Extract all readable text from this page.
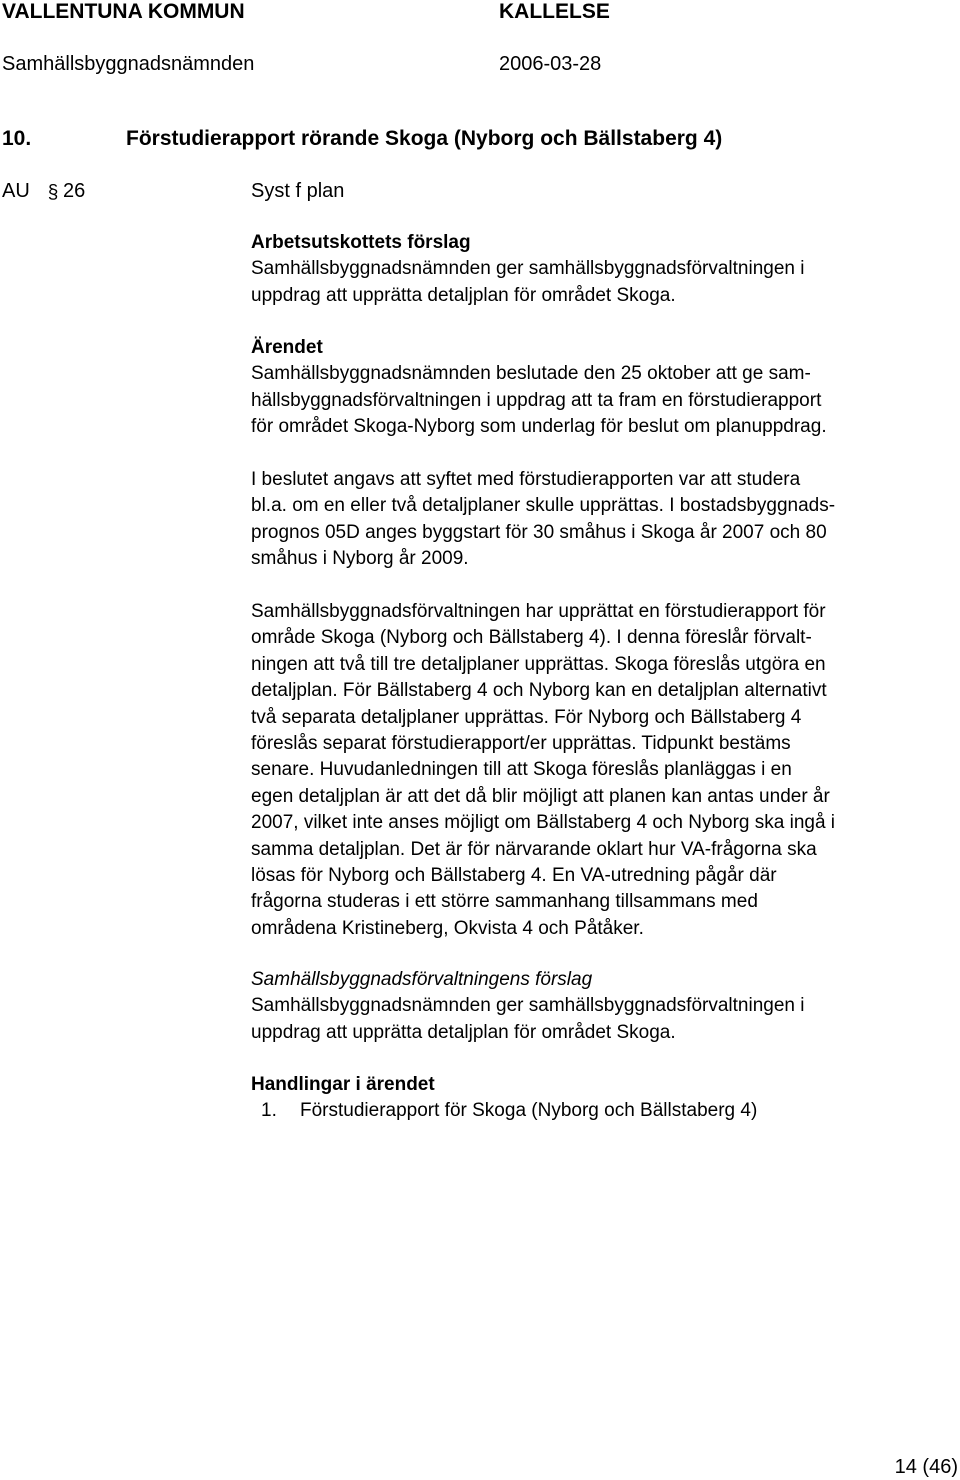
VALLENTUNA KOMMUN	KALLELSE
Samhällsbyggnadsnämnden	2006-03-28
10.	Förstudierapport rörande Skoga (Nyborg och Bällstaberg 4)
AU § 26	Syst f plan
Arbetsutskottets förslag
Samhällsbyggnadsnämnden ger samhällsbyggnadsförvaltningen i
uppdrag att upprätta detaljplan för området Skoga.
Ärendet

Samhällsbyggnadsnämnden beslutade den 25 oktober att ge sam-
hällsbyggnadsförvaltningen i uppdrag att ta fram en förstudierapport
för området Skoga-Nyborg som underlag för beslut om planuppdrag.

I beslutet angavs att syftet med förstudierapporten var att studera
bl.a. om en eller två detaljplaner skulle upprättas. I bostadsbyggnads-
prognos 05D anges byggstart för 30 småhus i Skoga år 2007 och 80
småhus i Nyborg år 2009.
Samhällsbyggnadsförvaltningen har upprättat en förstudierapport för
område Skoga (Nyborg och Bällstaberg 4). I denna föreslår förvalt-
ningen att två till tre detaljplaner upprättas. Skoga föreslås utgöra en
detaljplan. För Bällstaberg 4 och Nyborg kan en detaljplan alternativt
två separata detaljplaner upprättas. För Nyborg och Bällstaberg 4
föreslås separat förstudierapport/er upprättas. Tidpunkt bestäms
senare. Huvudanledningen till att Skoga föreslås planläggas i en
egen detaljplan är att det då blir möjligt att planen kan antas under år
2007, vilket inte anses möjligt om Bällstaberg 4 och Nyborg ska ingå i
samma detaljplan. Det är för närvarande oklart hur VA-frågorna ska
lösas för Nyborg och Bällstaberg 4. En VA-utredning pågår där
frågorna studeras i ett större sammanhang tillsammans med
områdena Kristineberg, Okvista 4 och Påtåker.
Samhällsbyggnadsförvaltningens förslag
Samhällsbyggnadsnämnden ger samhällsbyggnadsförvaltningen i
uppdrag att upprätta detaljplan för området Skoga.
Handlingar i ärendet
1. Förstudierapport för Skoga (Nyborg och Bällstaberg 4)
14 (46)
